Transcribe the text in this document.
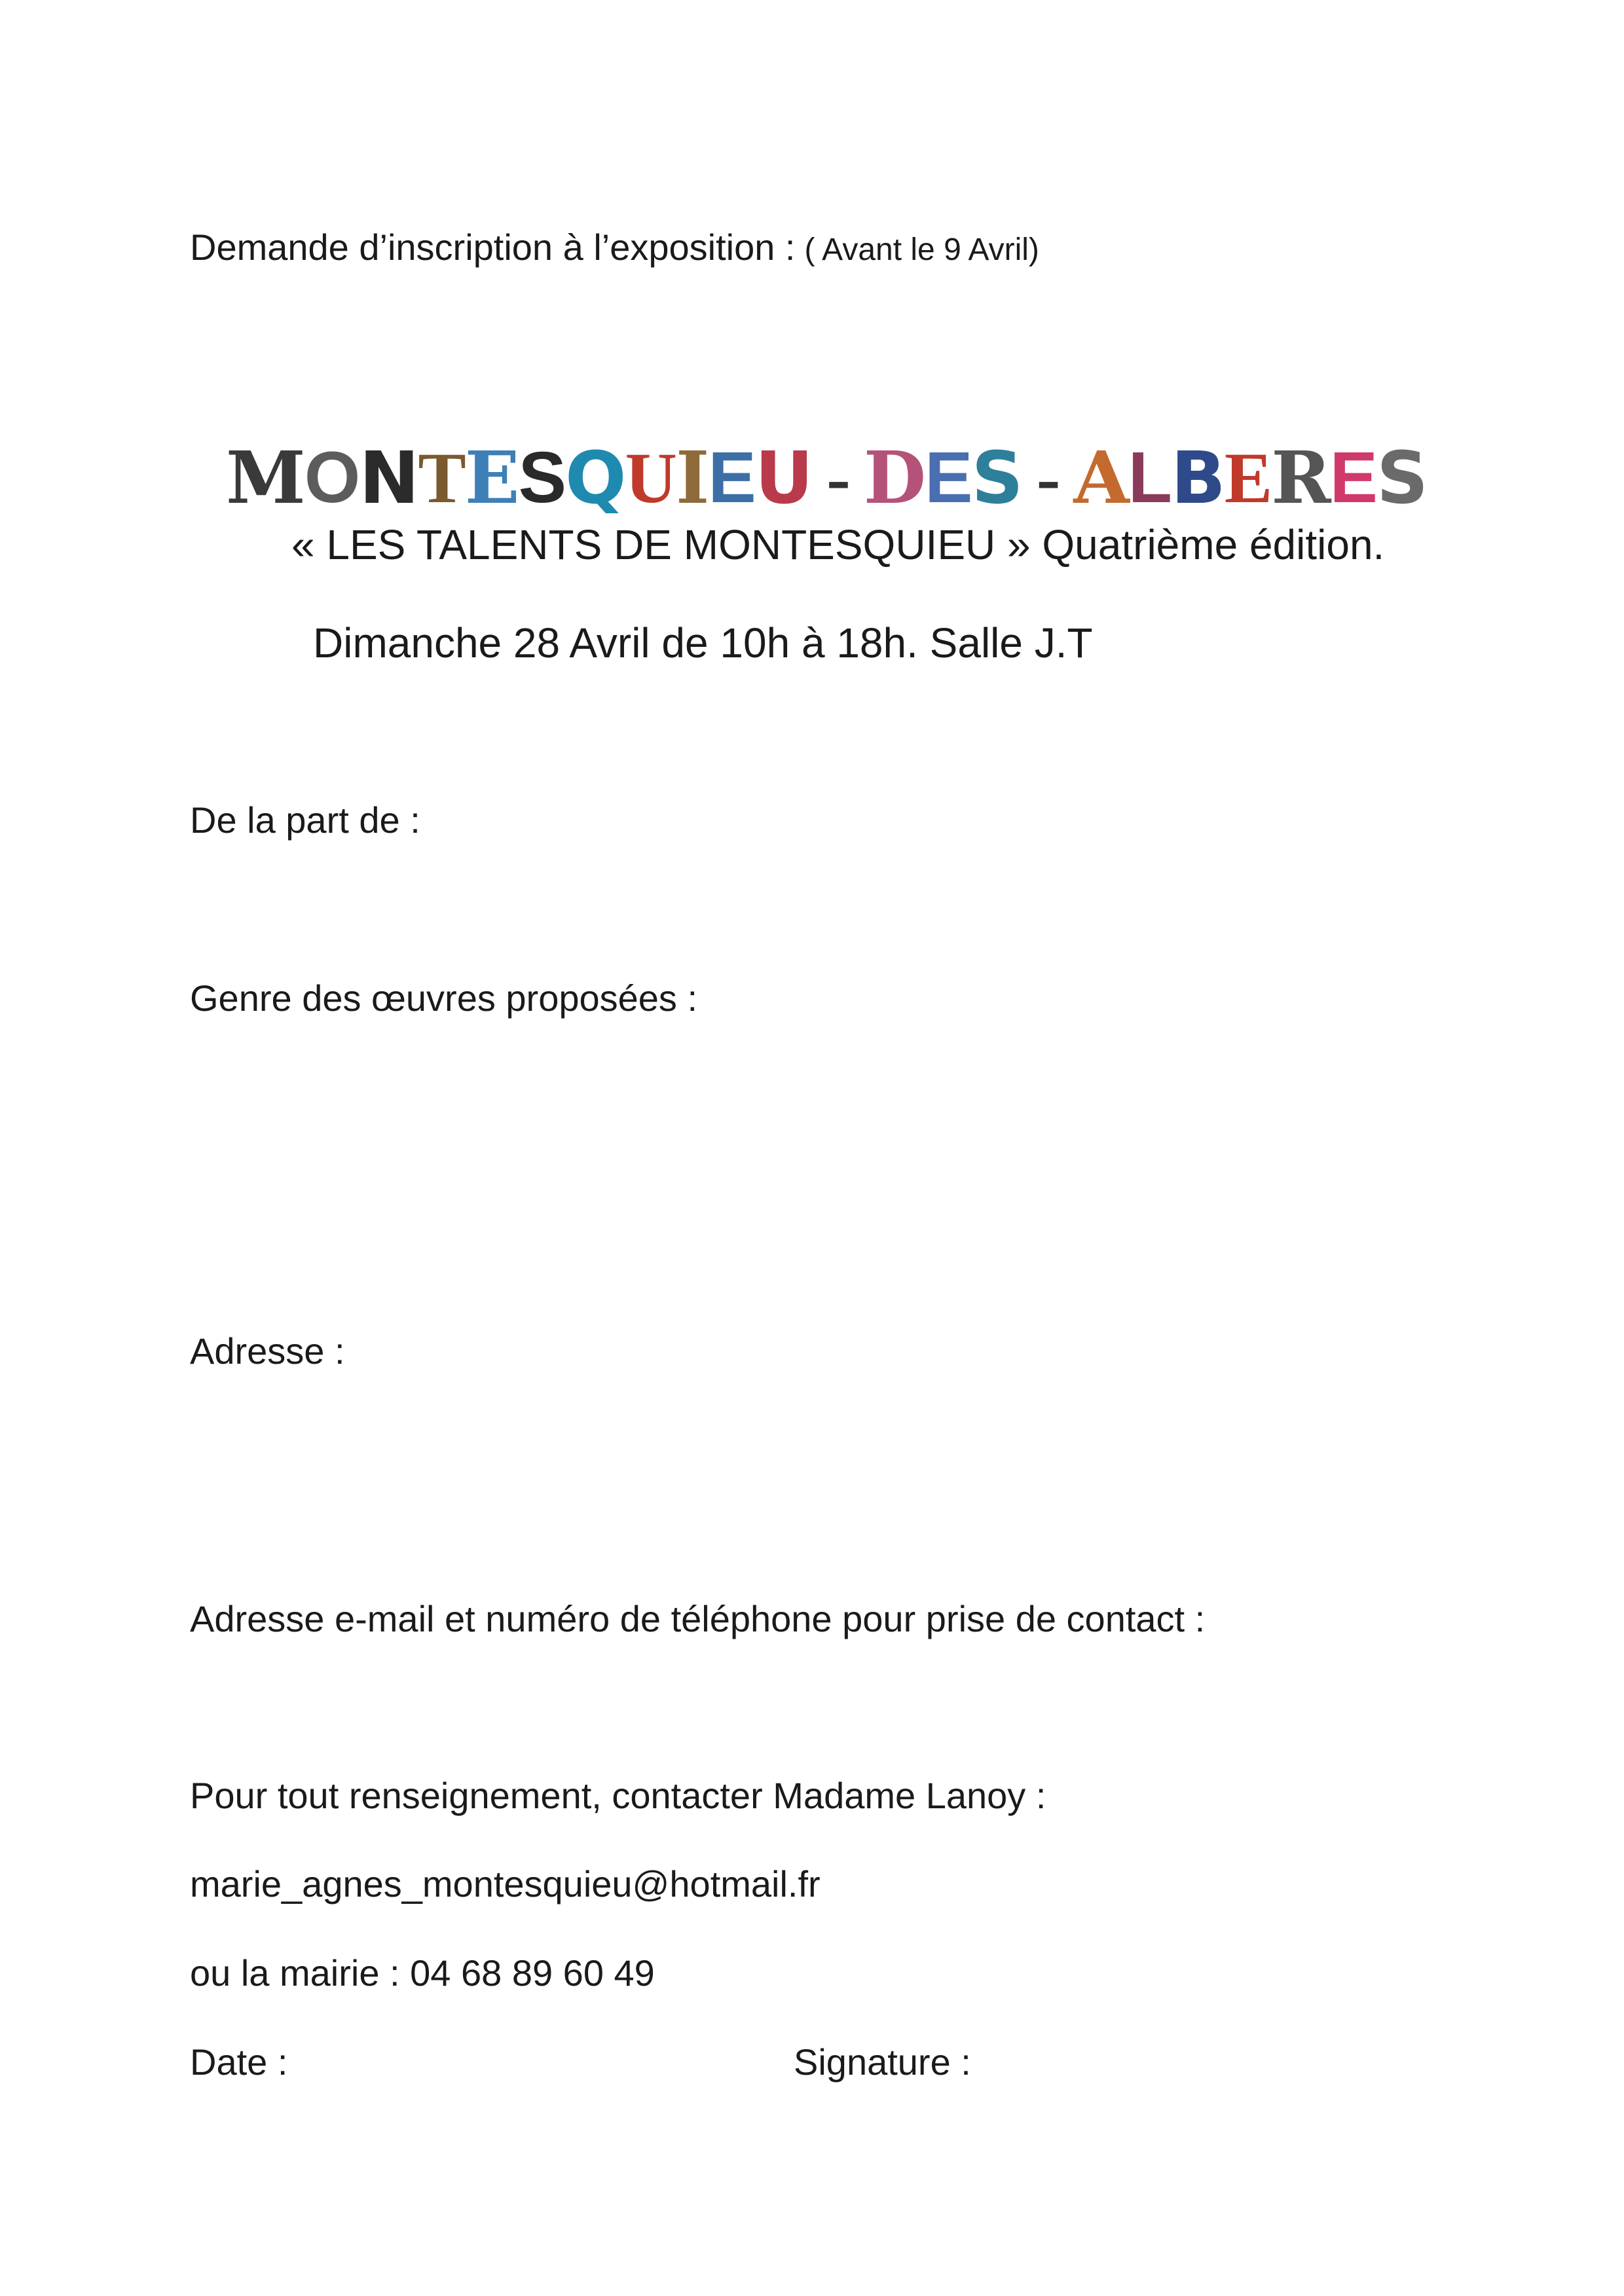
Demande d’inscription à l’exposition : ( Avant le 9 Avril)
M O N T E S Q U I E U - D E S - A L B E R E S
« LES TALENTS DE MONTESQUIEU » Quatrième édition.
Dimanche 28 Avril de 10h à 18h. Salle J.T
De la part de :
Genre des œuvres proposées :
Adresse :
Adresse e-mail et numéro de téléphone pour prise de contact :
Pour tout renseignement, contacter Madame Lanoy :
marie_agnes_montesquieu@hotmail.fr
ou la mairie : 04 68 89 60 49
Date :	Signature :
